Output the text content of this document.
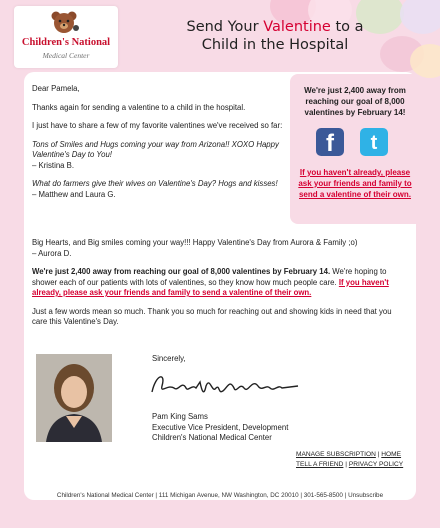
Children's National
Medical Center
Send Your Valentine to a
Child in the Hospital

Dear Pamela,

Thanks again for sending a valentine to a child in the hospital.

I just have to share a few of my favorite valentines we've received so far:

Tons of Smiles and Hugs coming your way from Arizona!! XOXO Happy Valentine's Day to You!
– Kristina B.

What do farmers give their wives on Valentine's Day? Hogs and kisses!
– Matthew and Laura G.

Big Hearts, and Big smiles coming your way!!! Happy Valentine's Day from Aurora & Family ;o)
– Aurora D.

We're just 2,400 away from reaching our goal of 8,000 valentines by February 14. We're hoping to shower each of our patients with lots of valentines, so they know how much people care. If you haven't already, please ask your friends and family to send a valentine of their own.

Just a few words mean so much. Thank you so much for reaching out and showing kids in need that you care this Valentine's Day.

We're just 2,400 away from reaching our goal of 8,000 valentines by February 14!
f	t
If you haven't already, please ask your friends and family to send a valentine of their own.
Sincerely,
Pam King Sams
Executive Vice President, Development
Children's National Medical Center
MANAGE SUBSCRIPTION | HOME
TELL A FRIEND | PRIVACY POLICY
Children's National Medical Center | 111 Michigan Avenue, NW Washington, DC 20010 | 301-565-8500 | Unsubscribe
